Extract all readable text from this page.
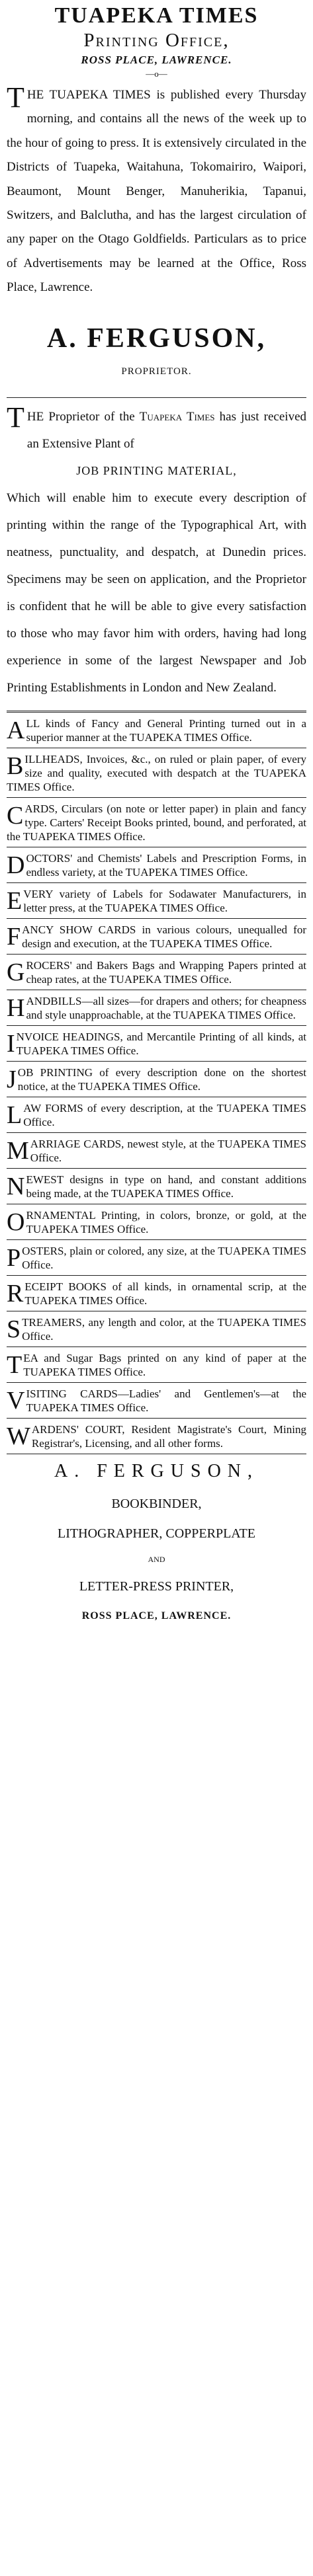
TUAPEKA TIMES
Printing Office,
ROSS PLACE, LAWRENCE.
—o—
THE TUAPEKA TIMES is published every Thursday morning, and contains all the news of the week up to the hour of going to press. It is extensively circulated in the Districts of Tuapeka, Waitahuna, Tokomairiro, Waipori, Beaumont, Mount Benger, Manuherikia, Tapanui, Switzers, and Balclutha, and has the largest circulation of any paper on the Otago Goldfields. Particulars as to price of Advertisements may be learned at the Office, Ross Place, Lawrence.
A. FERGUSON,
PROPRIETOR.
THE Proprietor of the Tuapeka Times has just received an Extensive Plant of
JOB PRINTING MATERIAL,
Which will enable him to execute every description of printing within the range of the Typographical Art, with neatness, punctuality, and despatch, at Dunedin prices. Specimens may be seen on application, and the Proprietor is confident that he will be able to give every satisfaction to those who may favor him with orders, having had long experience in some of the largest Newspaper and Job Printing Establishments in London and New Zealand.
ALL kinds of Fancy and General Printing turned out in a superior manner at the TUAPEKA TIMES Office.
BILLHEADS, Invoices, &c., on ruled or plain paper, of every size and quality, executed with despatch at the TUAPEKA TIMES Office.
CARDS, Circulars (on note or letter paper) in plain and fancy type. Carters' Receipt Books printed, bound, and perforated, at the TUAPEKA TIMES Office.
DOCTORS' and Chemists' Labels and Prescription Forms, in endless variety, at the TUAPEKA TIMES Office.
EVERY variety of Labels for Sodawater Manufacturers, in letter press, at the TUAPEKA TIMES Office.
FANCY SHOW CARDS in various colours, unequalled for design and execution, at the TUAPEKA TIMES Office.
GROCERS' and Bakers Bags and Wrapping Papers printed at cheap rates, at the TUAPEKA TIMES Office.
HANDBILLS—all sizes—for drapers and others; for cheapness and style unapproachable, at the TUAPEKA TIMES Office.
INVOICE HEADINGS, and Mercantile Printing of all kinds, at TUAPEKA TIMES Office.
JOB PRINTING of every description done on the shortest notice, at the TUAPEKA TIMES Office.
LAW FORMS of every description, at the TUAPEKA TIMES Office.
MARRIAGE CARDS, newest style, at the TUAPEKA TIMES Office.
NEWEST designs in type on hand, and constant additions being made, at the TUAPEKA TIMES Office.
ORNAMENTAL Printing, in colors, bronze, or gold, at the TUAPEKA TIMES Office.
POSTERS, plain or colored, any size, at the TUAPEKA TIMES Office.
RECEIPT BOOKS of all kinds, in ornamental scrip, at the TUAPEKA TIMES Office.
STREAMERS, any length and color, at the TUAPEKA TIMES Office.
TEA and Sugar Bags printed on any kind of paper at the TUAPEKA TIMES Office.
VISITING CARDS—Ladies' and Gentlemen's—at the TUAPEKA TIMES Office.
WARDENS' COURT, Resident Magistrate's Court, Mining Registrar's, Licensing, and all other forms.
A. FERGUSON,
BOOKBINDER,
LITHOGRAPHER, COPPERPLATE
AND
LETTER-PRESS PRINTER,
ROSS PLACE, LAWRENCE.
